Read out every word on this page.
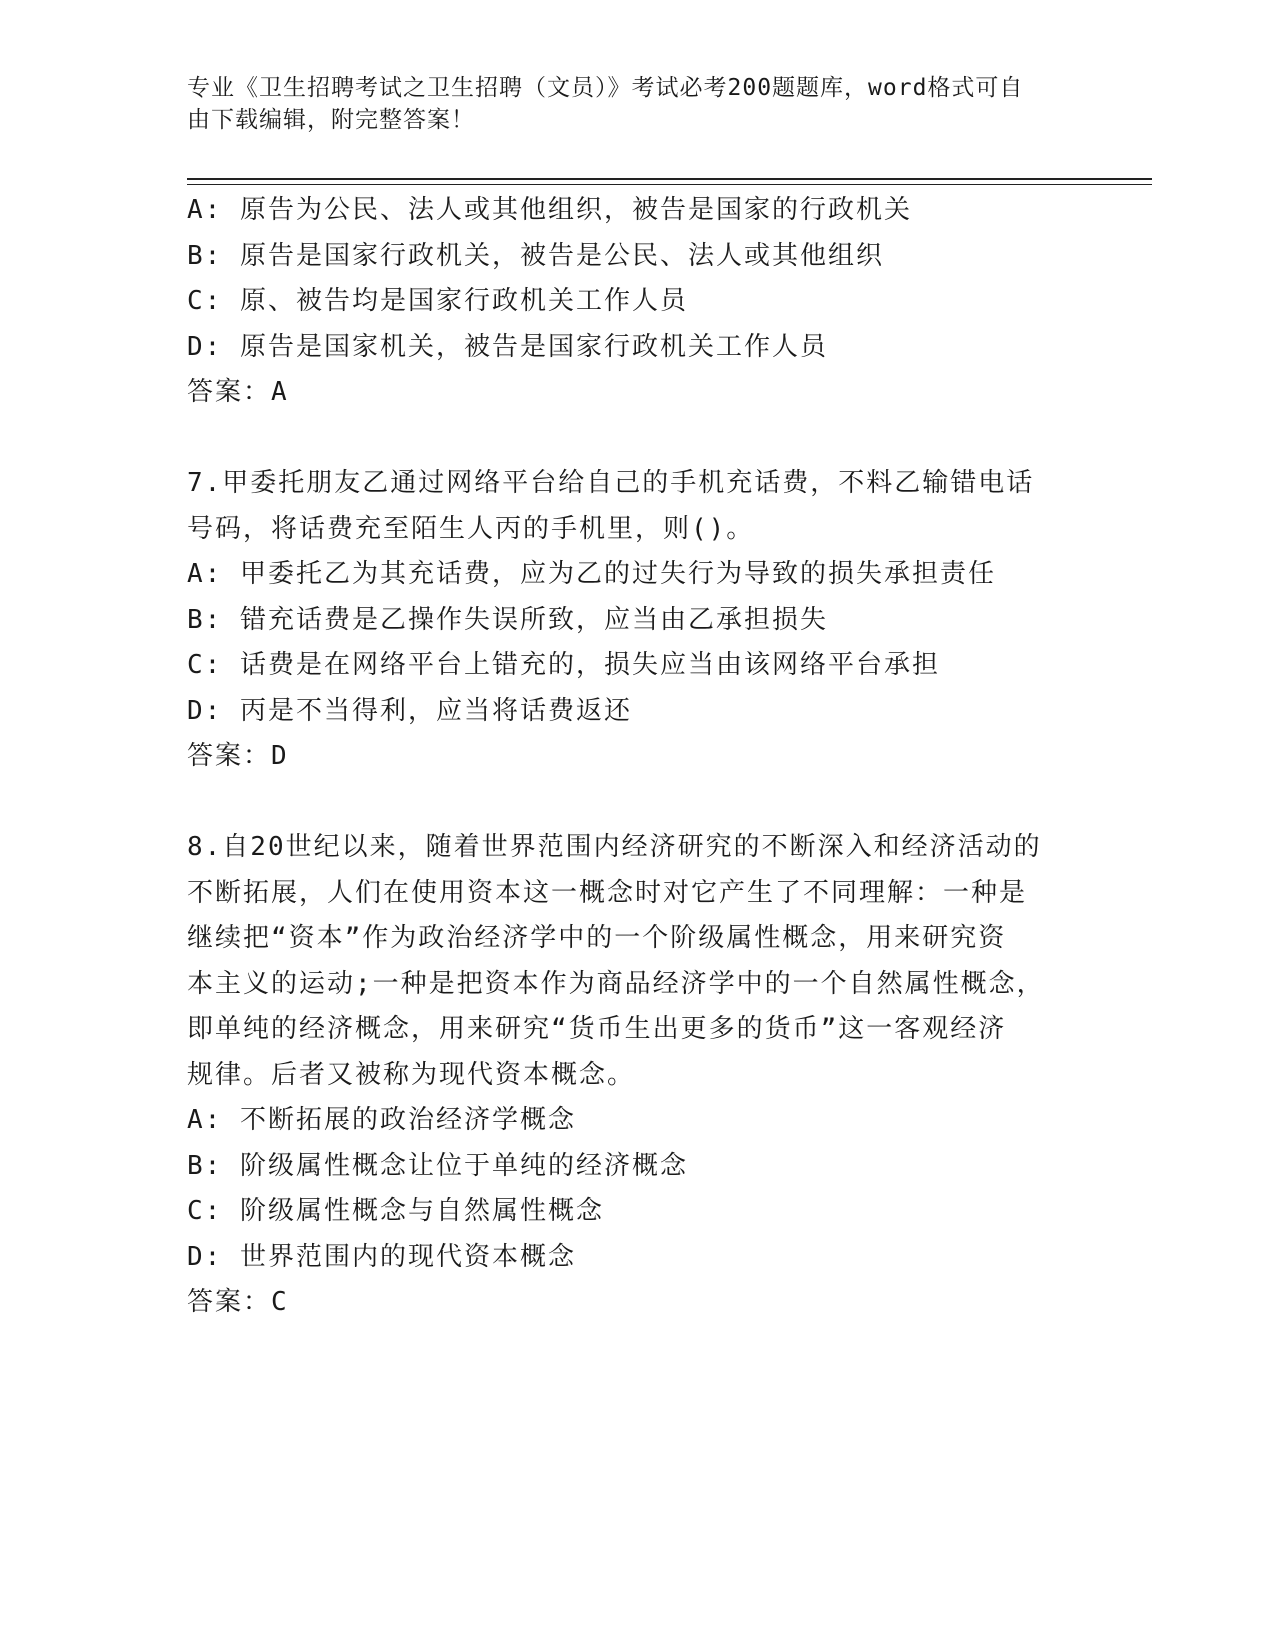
专业《卫生招聘考试之卫生招聘（文员）》考试必考200题题库，word格式可自
由下载编辑，附完整答案！
A: 原告为公民、法人或其他组织，被告是国家的行政机关
B: 原告是国家行政机关，被告是公民、法人或其他组织
C: 原、被告均是国家行政机关工作人员
D: 原告是国家机关，被告是国家行政机关工作人员
答案：A
7.甲委托朋友乙通过网络平台给自己的手机充话费，不料乙输错电话
号码，将话费充至陌生人丙的手机里，则()。
A: 甲委托乙为其充话费，应为乙的过失行为导致的损失承担责任
B: 错充话费是乙操作失误所致，应当由乙承担损失
C: 话费是在网络平台上错充的，损失应当由该网络平台承担
D: 丙是不当得利，应当将话费返还
答案：D
8.自20世纪以来，随着世界范围内经济研究的不断深入和经济活动的
不断拓展，人们在使用资本这一概念时对它产生了不同理解：一种是
继续把“资本”作为政治经济学中的一个阶级属性概念，用来研究资
本主义的运动;一种是把资本作为商品经济学中的一个自然属性概念，
即单纯的经济概念，用来研究“货币生出更多的货币”这一客观经济
规律。后者又被称为现代资本概念。
A: 不断拓展的政治经济学概念
B: 阶级属性概念让位于单纯的经济概念
C: 阶级属性概念与自然属性概念
D: 世界范围内的现代资本概念
答案：C
